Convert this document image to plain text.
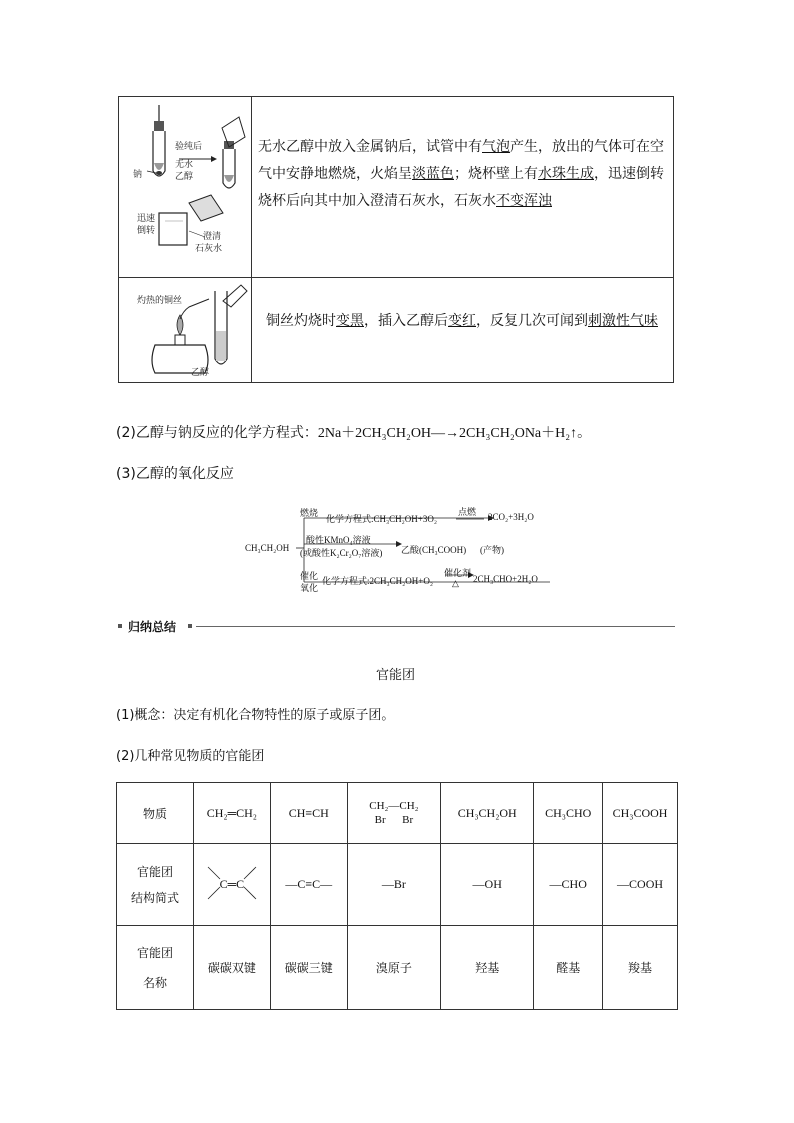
验纯后
钠
无水
乙醇
迅速
倒转
澄清
石灰水
无水乙醇中放入金属钠后，试管中有气泡产生，放出的气体可在空气中安静地燃烧，火焰呈淡蓝色；烧杯壁上有水珠生成，迅速倒转烧杯后向其中加入澄清石灰水，石灰水不变浑浊
灼热的铜丝
乙醇
铜丝灼烧时变黑，插入乙醇后变红，反复几次可闻到刺激性气味
(2)乙醇与钠反应的化学方程式：2Na＋2CH₃CH₂OH―→2CH₃CH₂ONa＋H₂↑。
(3)乙醇的氧化反应
CH₃CH₂OH
燃烧
化学方程式:CH₃CH₂OH+3O₂
点燃 2CO₂+3H₂O
酸性KMnO₄溶液
(或酸性K₂Cr₂O₇溶液) 乙酸(CH₃COOH) (产物)
催化
氧化
化学方程式:2CH₃CH₂OH+O₂
催化剂
△ 2CH₃CHO+2H₂O
归纳总结
官能团
(1)概念：决定有机化合物特性的原子或原子团。
(2)几种常见物质的官能团
物质	CH₂═CH₂	CH≡CH	CH₂―CH₂
Br      Br	CH₃CH₂OH	CH₃CHO	CH₃COOH

官能团
结构简式	C═C	—C≡C—	—Br	—OH	—CHO	—COOH

官能团
名称	碳碳双键	碳碳三键	溴原子	羟基	醛基	羧基
